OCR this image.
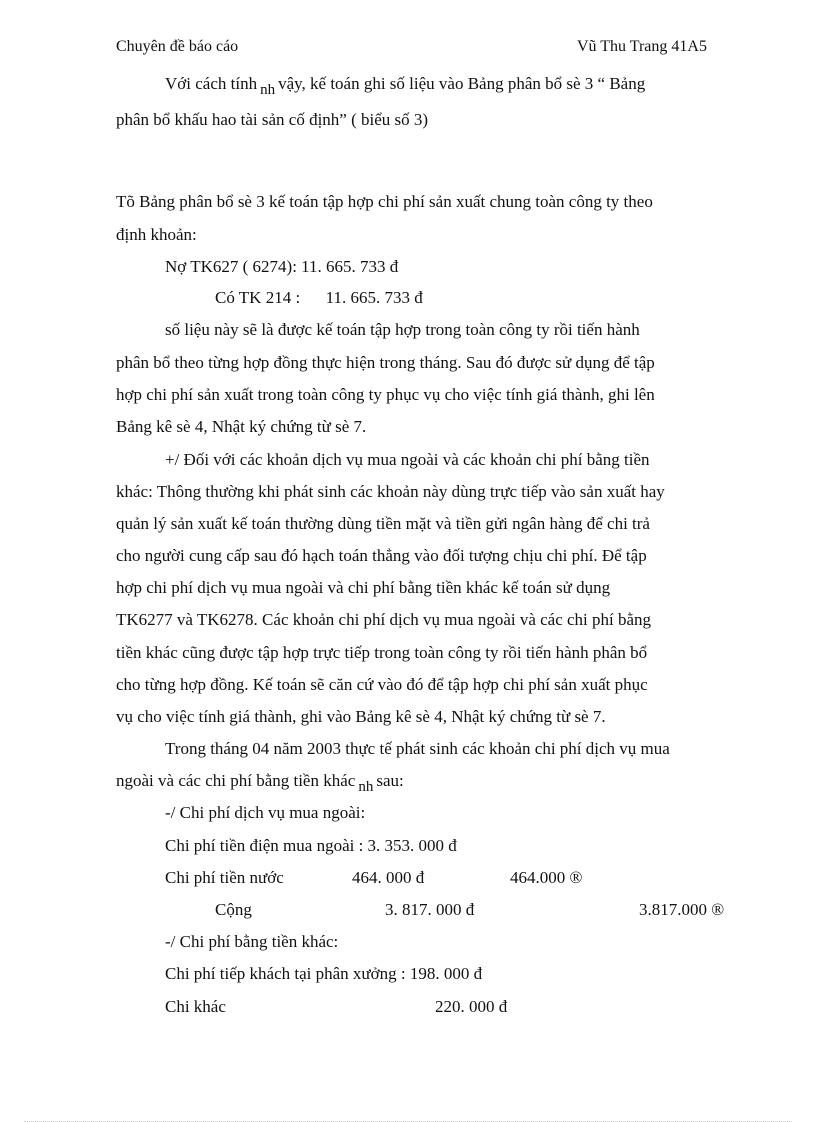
Chuyên đề báo cáo	Vũ Thu Trang 41A5
Với cách tính nh vậy, kế toán ghi số liệu vào Bảng phân bổ sè 3 “ Bảng
phân bổ khấu hao tài sản cố định” ( biểu số 3)
Tõ Bảng phân bổ sè 3 kế toán tập hợp chi phí sản xuất chung toàn công ty theo
định khoản:
Nợ TK627 ( 6274): 11. 665. 733 đ
Có TK 214 :      11. 665. 733 đ
số liệu này sẽ là được kế toán tập hợp trong toàn công ty rồi tiến hành
phân bổ theo từng hợp đồng thực hiện trong tháng. Sau đó được sử dụng để tập
hợp chi phí sản xuất trong toàn công ty phục vụ cho việc tính giá thành, ghi lên
Bảng kê sè 4, Nhật ký chứng từ sè 7.
+/ Đối với các khoản dịch vụ mua ngoài và các khoản chi phí bằng tiền
khác: Thông thường khi phát sinh các khoản này dùng trực tiếp vào sản xuất hay
quản lý sản xuất kế toán thường dùng tiền mặt và tiền gửi ngân hàng để chi trả
cho người cung cấp sau đó hạch toán thẳng vào đối tượng chịu chi phí. Để tập
hợp chi phí dịch vụ mua ngoài và chi phí bằng tiền khác kế toán sử dụng
TK6277 và TK6278. Các khoản chi phí dịch vụ mua ngoài và các chi phí bằng
tiền khác cũng được tập hợp trực tiếp trong toàn công ty rồi tiến hành phân bổ
cho từng hợp đồng. Kế toán sẽ căn cứ vào đó để tập hợp chi phí sản xuất phục
vụ cho việc tính giá thành, ghi vào Bảng kê sè 4, Nhật ký chứng từ sè 7.
Trong tháng 04 năm 2003 thực tế phát sinh các khoản chi phí dịch vụ mua
ngoài và các chi phí bằng tiền khác nh sau:
-/ Chi phí dịch vụ mua ngoài:
Chi phí tiền điện mua ngoài : 3. 353. 000 đ
Chi phí tiền nước	464. 000 đ	464.000 ®
Cộng	3. 817. 000 đ	3.817.000 ®
-/ Chi phí bằng tiền khác:
Chi phí tiếp khách tại phân xưởng : 198. 000 đ
Chi khác	220. 000 đ
